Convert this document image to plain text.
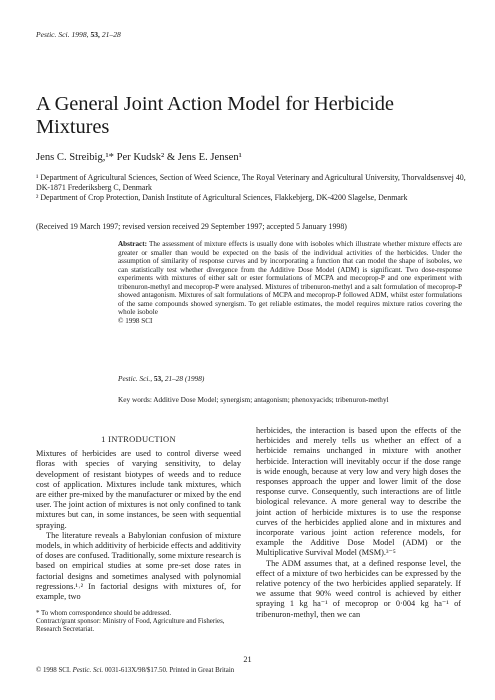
Pestic. Sci. 1998, 53, 21–28
A General Joint Action Model for Herbicide Mixtures
Jens C. Streibig,¹* Per Kudsk² & Jens E. Jensen¹

¹ Department of Agricultural Sciences, Section of Weed Science, The Royal Veterinary and Agricultural University, Thorvaldsensvej 40, DK-1871 Frederiksberg C, Denmark

² Department of Crop Protection, Danish Institute of Agricultural Sciences, Flakkebjerg, DK-4200 Slagelse, Denmark

(Received 19 March 1997; revised version received 29 September 1997; accepted 5 January 1998)
Abstract: The assessment of mixture effects is usually done with isoboles which illustrate whether mixture effects are greater or smaller than would be expected on the basis of the individual activities of the herbicides. Under the assumption of similarity of response curves and by incorporating a function that can model the shape of isoboles, we can statistically test whether divergence from the Additive Dose Model (ADM) is significant. Two dose-response experiments with mixtures of either salt or ester formulations of MCPA and mecoprop-P and one experiment with tribenuron-methyl and mecoprop-P were analysed. Mixtures of tribenuron-methyl and a salt formulation of mecoprop-P showed antagonism. Mixtures of salt formulations of MCPA and mecoprop-P followed ADM, whilst ester formulations of the same compounds showed synergism. To get reliable estimates, the model requires mixture ratios covering the whole isobole
© 1998 SCI
Pestic. Sci., 53, 21–28 (1998)
Key words: Additive Dose Model; synergism; antagonism; phenoxyacids; tribenuron-methyl

1 INTRODUCTION

Mixtures of herbicides are used to control diverse weed floras with species of varying sensitivity, to delay development of resistant biotypes of weeds and to reduce cost of application. Mixtures include tank mixtures, which are either pre-mixed by the manufacturer or mixed by the end user. The joint action of mixtures is not only confined to tank mixtures but can, in some instances, be seen with sequential spraying.

The literature reveals a Babylonian confusion of mixture models, in which additivity of herbicide effects and additivity of doses are confused. Traditionally, some mixture research is based on empirical studies at some pre-set dose rates in factorial designs and sometimes analysed with polynomial regressions.¹˒² In factorial designs with mixtures of, for example, two

herbicides, the interaction is based upon the effects of the herbicides and merely tells us whether an effect of a herbicide remains unchanged in mixture with another herbicide. Interaction will inevitably occur if the dose range is wide enough, because at very low and very high doses the responses approach the upper and lower limit of the dose response curve. Consequently, such interactions are of little biological relevance. A more general way to describe the joint action of herbicide mixtures is to use the response curves of the herbicides applied alone and in mixtures and incorporate various joint action reference models, for example the Additive Dose Model (ADM) or the Multiplicative Survival Model (MSM).³⁻⁵

The ADM assumes that, at a defined response level, the effect of a mixture of two herbicides can be expressed by the relative potency of the two herbicides applied separately. If we assume that 90% weed control is achieved by either spraying 1 kg ha⁻¹ of mecoprop or 0·004 kg ha⁻¹ of tribenuron-methyl, then we can

* To whom correspondence should be addressed.
Contract/grant sponsor: Ministry of Food, Agriculture and Fisheries, Research Secretariat.
21
© 1998 SCI. Pestic. Sci. 0031-613X/98/$17.50. Printed in Great Britain
